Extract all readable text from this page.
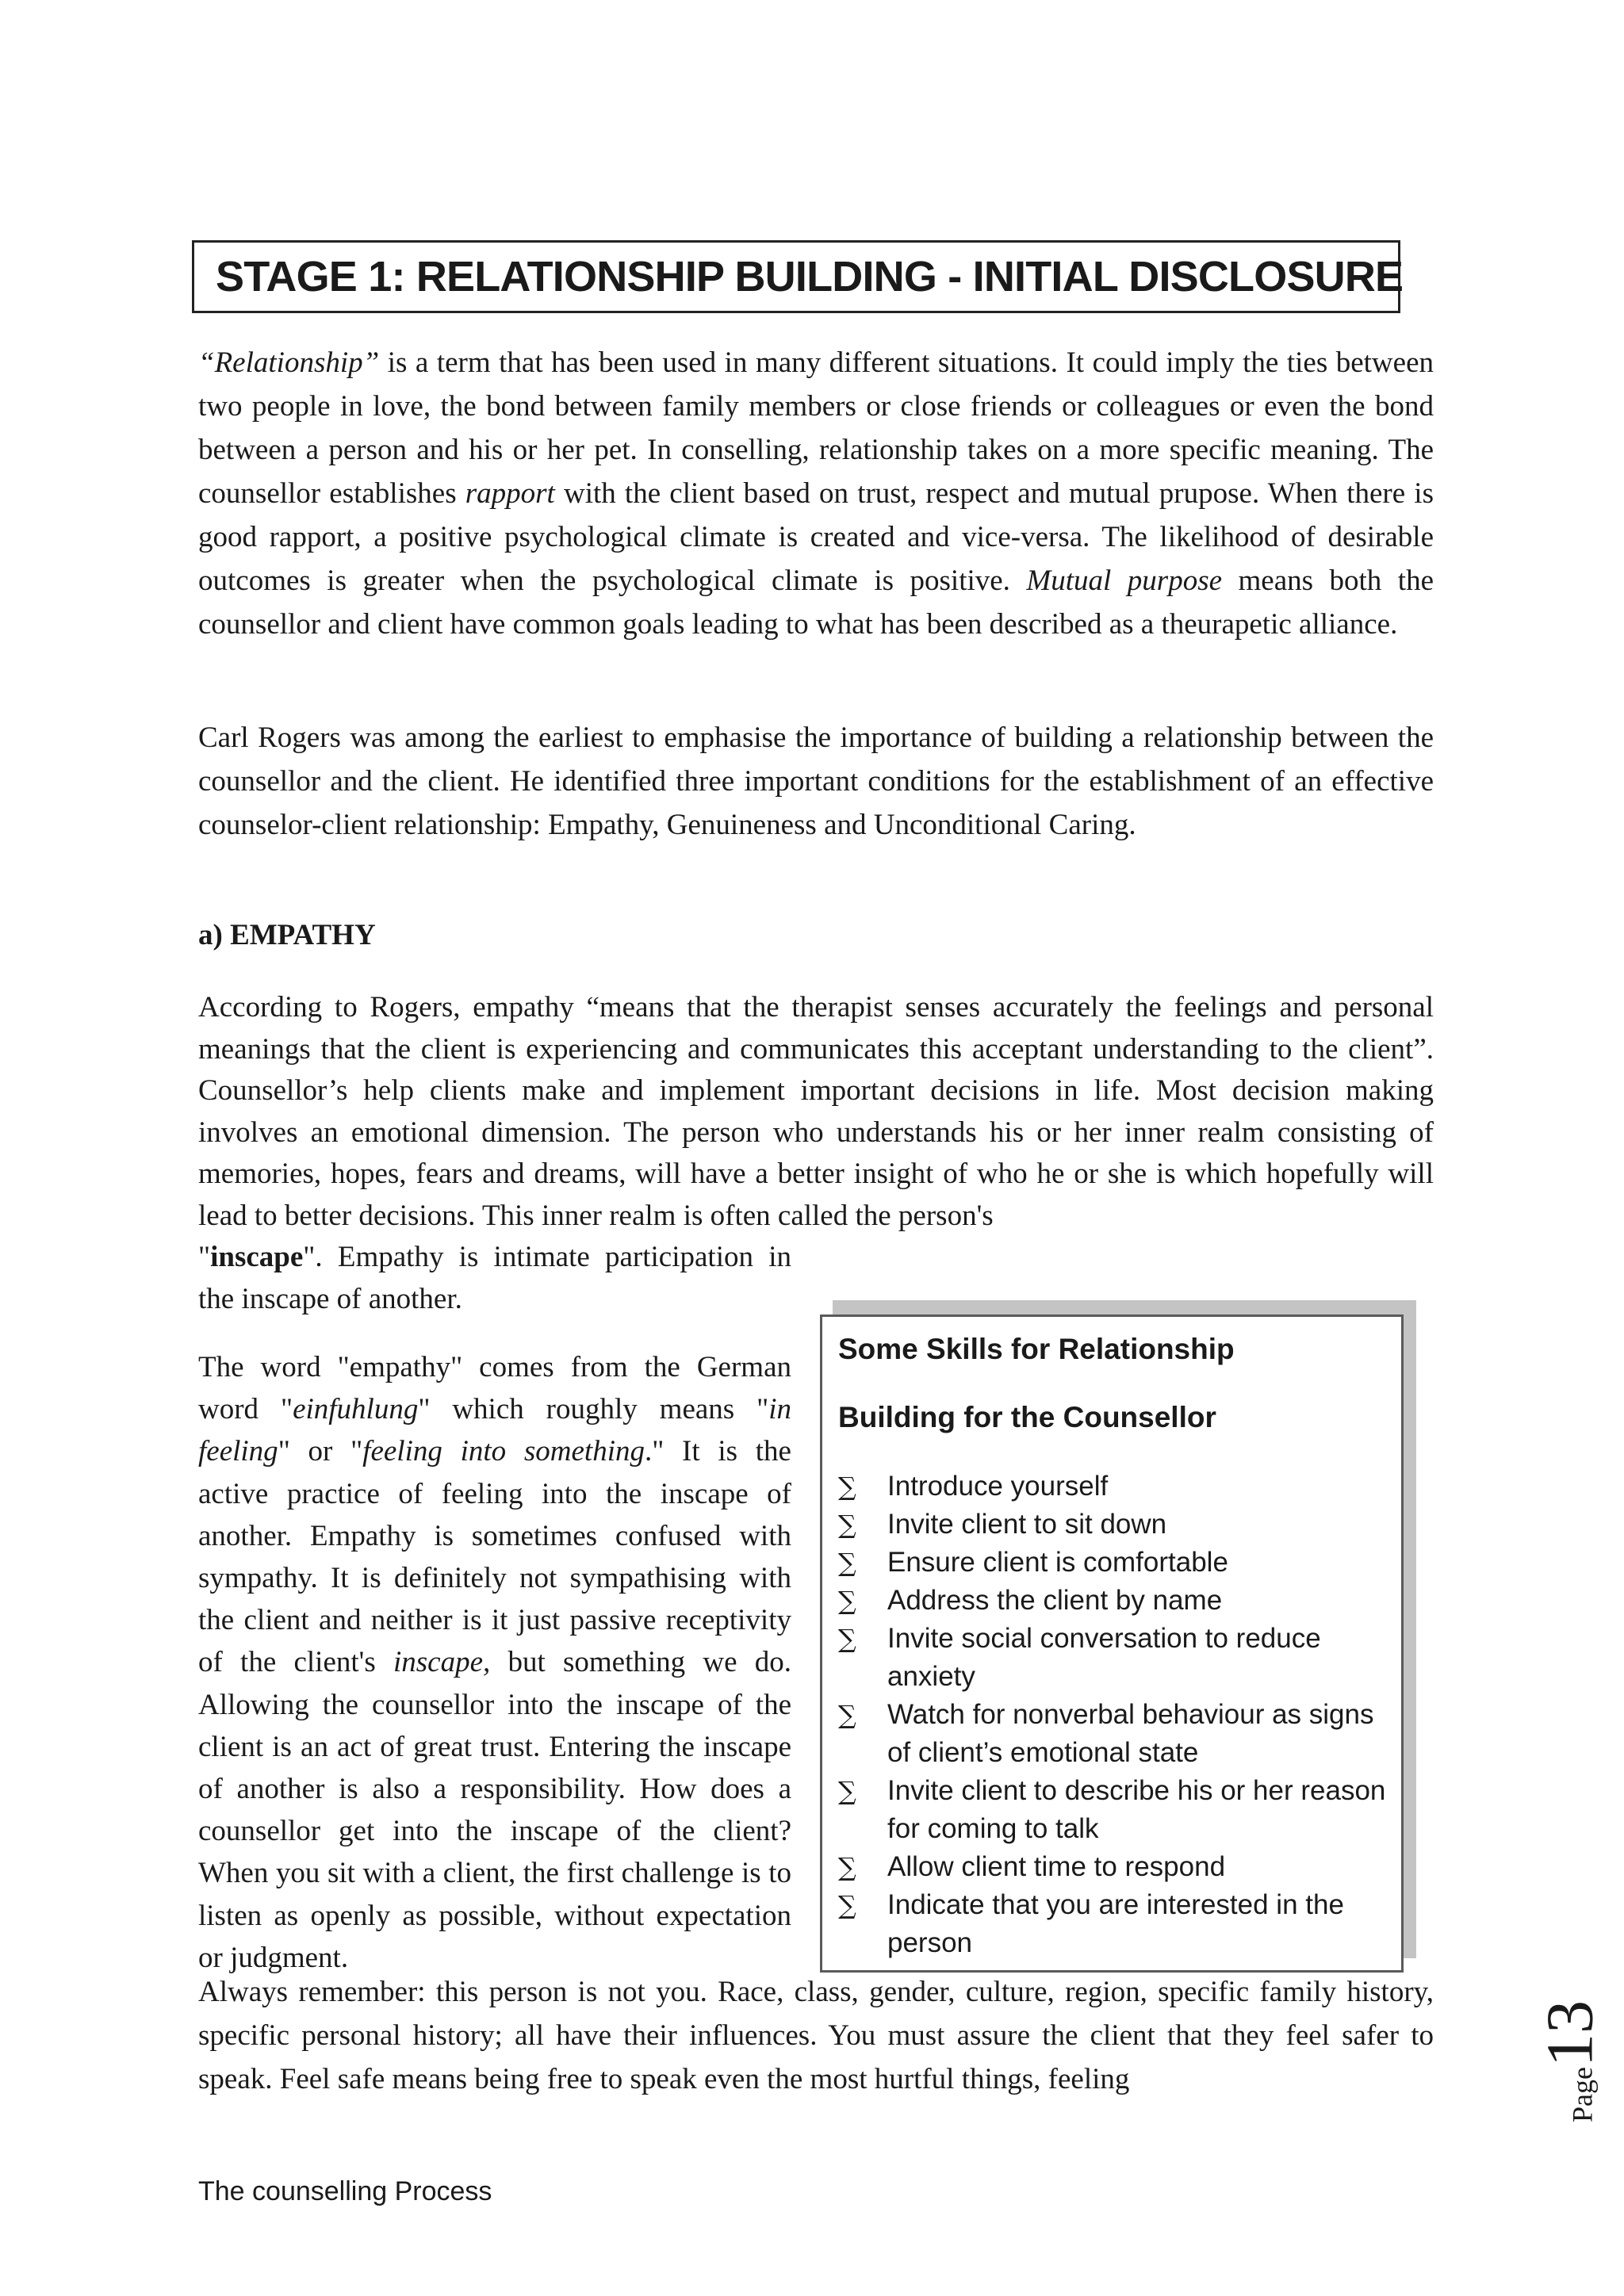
STAGE 1: RELATIONSHIP BUILDING - INITIAL DISCLOSURE

“Relationship” is a term that has been used in many different situations. It could imply the ties between two people in love, the bond between family members or close friends or colleagues or even the bond between a person and his or her pet. In conselling, relationship takes on a more specific meaning. The counsellor establishes rapport with the client based on trust, respect and mutual prupose. When there is good rapport, a positive psychological climate is created and vice-versa. The likelihood of desirable outcomes is greater when the psychological climate is positive. Mutual purpose means both the counsellor and client have common goals leading to what has been described as a theurapetic alliance.

Carl Rogers was among the earliest to emphasise the importance of building a relationship between the counsellor and the client. He identified three important conditions for the establishment of an effective counselor-client relationship: Empathy, Genuineness and Unconditional Caring.

a) EMPATHY

According to Rogers, empathy “means that the therapist senses accurately the feelings and personal meanings that the client is experiencing and communicates this acceptant understanding to the client”. Counsellor’s help clients make and implement important decisions in life. Most decision making involves an emotional dimension. The person who understands his or her inner realm consisting of memories, hopes, fears and dreams, will have a better insight of who he or she is which hopefully will lead to better decisions. This inner realm is often called the person's

"inscape". Empathy is intimate participation in the inscape of another.

The word "empathy" comes from the German word "einfuhlung" which roughly means "in feeling" or "feeling into something." It is the active practice of feeling into the inscape of another. Empathy is sometimes confused with sympathy. It is definitely not sympathising with the client and neither is it just passive receptivity of the client's inscape, but something we do. Allowing the counsellor into the inscape of the client is an act of great trust. Entering the inscape of another is also a responsibility. How does a counsellor get into the inscape of the client? When you sit with a client, the first challenge is to listen as openly as possible, without expectation or judgment.

Some Skills for Relationship

Building for the Counsellor

∑ Introduce yourself
∑ Invite client to sit down
∑ Ensure client is comfortable
∑ Address the client by name
∑ Invite social conversation to reduce anxiety
∑ Watch for nonverbal behaviour as signs of client’s emotional state
∑ Invite client to describe his or her reason for coming to talk
∑ Allow client time to respond
∑ Indicate that you are interested in the person

Always remember: this person is not you. Race, class, gender, culture, region, specific family history, specific personal history; all have their influences. You must assure the client that they feel safer to speak. Feel safe means being free to speak even the most hurtful things, feeling	Page13

The counselling Process
